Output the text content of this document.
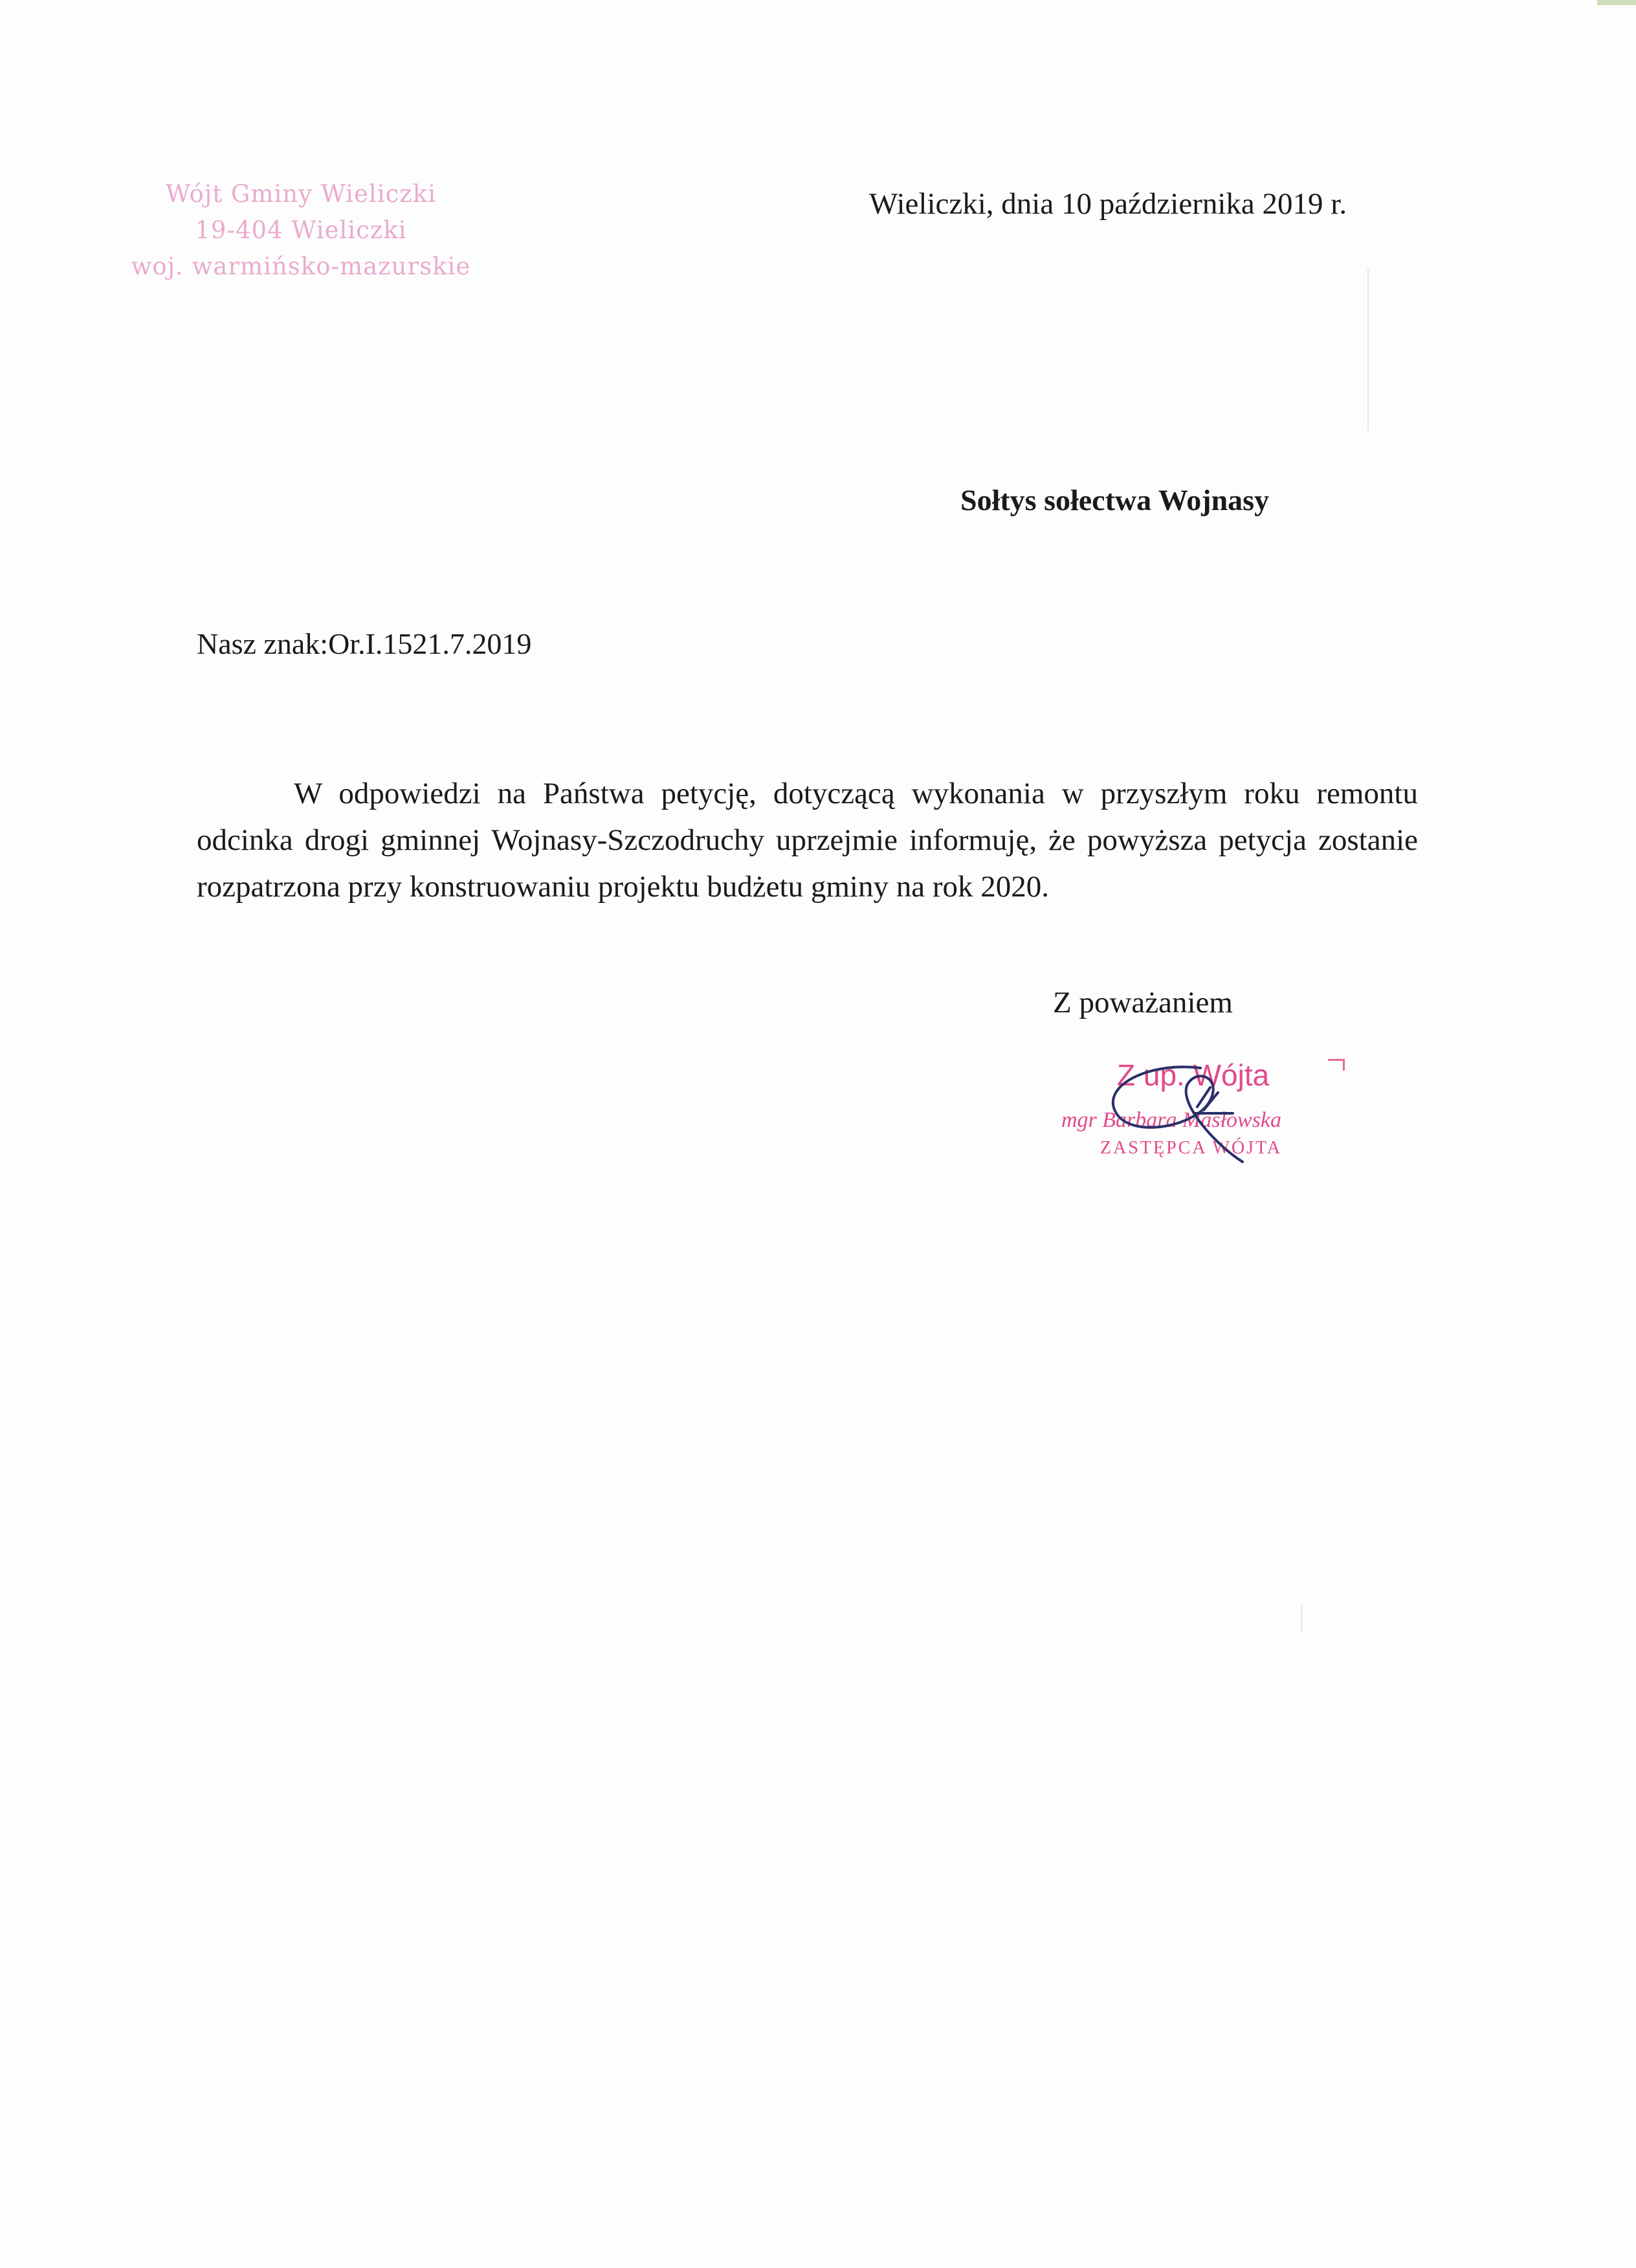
Wójt Gminy Wieliczki
19-404 Wieliczki
woj. warmińsko-mazurskie
Wieliczki, dnia 10 października 2019 r.
Sołtys sołectwa Wojnasy
Nasz znak:Or.I.1521.7.2019
W odpowiedzi na Państwa petycję, dotyczącą wykonania w przyszłym roku remontu odcinka drogi gminnej Wojnasy-Szczodruchy uprzejmie informuję, że powyższa petycja zostanie rozpatrzona przy konstruowaniu projektu budżetu gminy na rok 2020.
Z poważaniem
Z up. Wójta
mgr Barbara Masłowska
ZASTĘPCA WÓJTA
